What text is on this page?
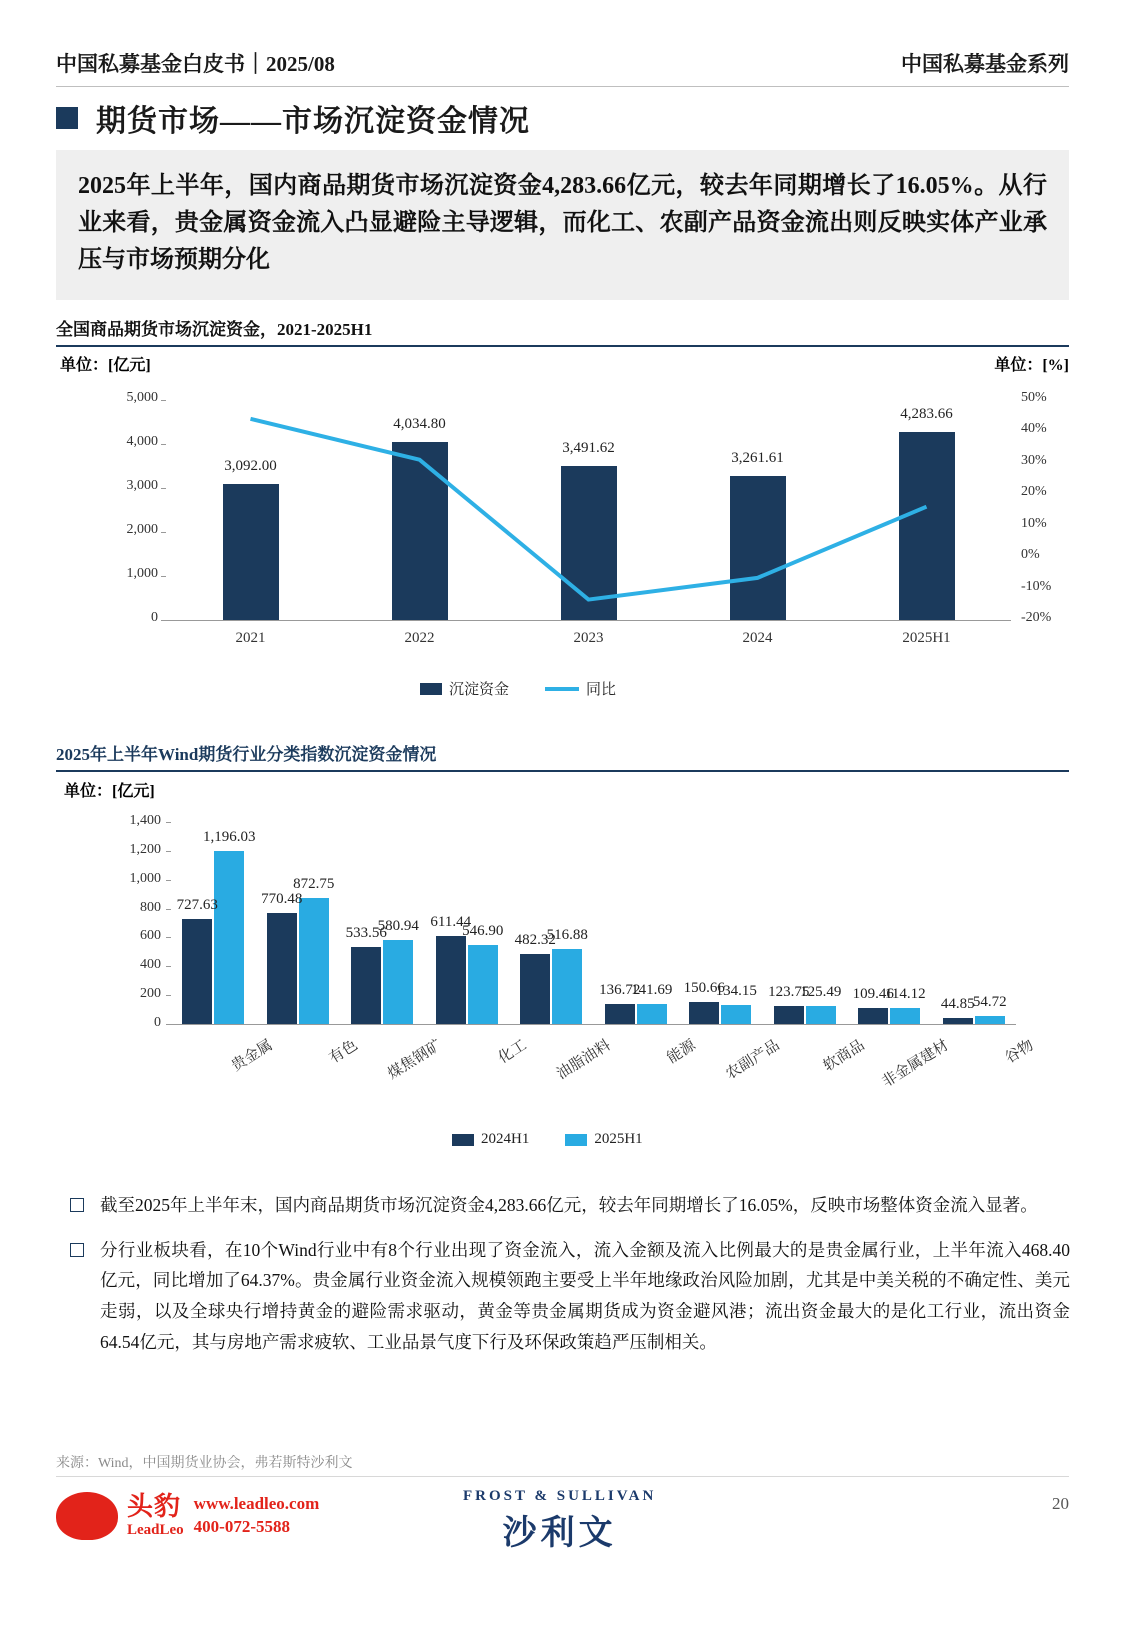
中国私募基金白皮书｜2025/08	中国私募基金系列
期货市场——市场沉淀资金情况
2025年上半年，国内商品期货市场沉淀资金4,283.66亿元，较去年同期增长了16.05%。从行业来看，贵金属资金流入凸显避险主导逻辑，而化工、农副产品资金流出则反映实体产业承压与市场预期分化
全国商品期货市场沉淀资金，2021-2025H1
单位：[亿元]	单位：[%]
0
1,000
2,000
3,000
4,000
5,000
-20%
-10%
0%
10%
20%
30%
40%
50%
3,092.00
2021
4,034.80
2022
3,491.62
2023
3,261.61
2024
4,283.66
2025H1
沉淀资金	同比
2025年上半年Wind期货行业分类指数沉淀资金情况
单位：[亿元]
0
200
400
600
800
1,000
1,200
1,400
727.63
1,196.03
贵金属
770.48
872.75
有色
533.56
580.94
煤焦钢矿
611.44
546.90
化工
482.32
516.88
油脂油料
136.72
141.69
能源
150.66
134.15
农副产品
123.75
125.49
软商品
109.46
114.12
非金属建材
44.85
54.72
谷物
2024H1	2025H1
截至2025年上半年末，国内商品期货市场沉淀资金4,283.66亿元，较去年同期增长了16.05%，反映市场整体资金流入显著。
分行业板块看，在10个Wind行业中有8个行业出现了资金流入，流入金额及流入比例最大的是贵金属行业，上半年流入468.40亿元，同比增加了64.37%。贵金属行业资金流入规模领跑主要受上半年地缘政治风险加剧，尤其是中美关税的不确定性、美元走弱，以及全球央行增持黄金的避险需求驱动，黄金等贵金属期货成为资金避风港；流出资金最大的是化工行业，流出资金64.54亿元，其与房地产需求疲软、工业品景气度下行及环保政策趋严压制相关。
来源：Wind，中国期货业协会，弗若斯特沙利文
头豹
LeadLeo
www.leadleo.com
400-072-5588
FROST & SULLIVAN
沙利文
20
